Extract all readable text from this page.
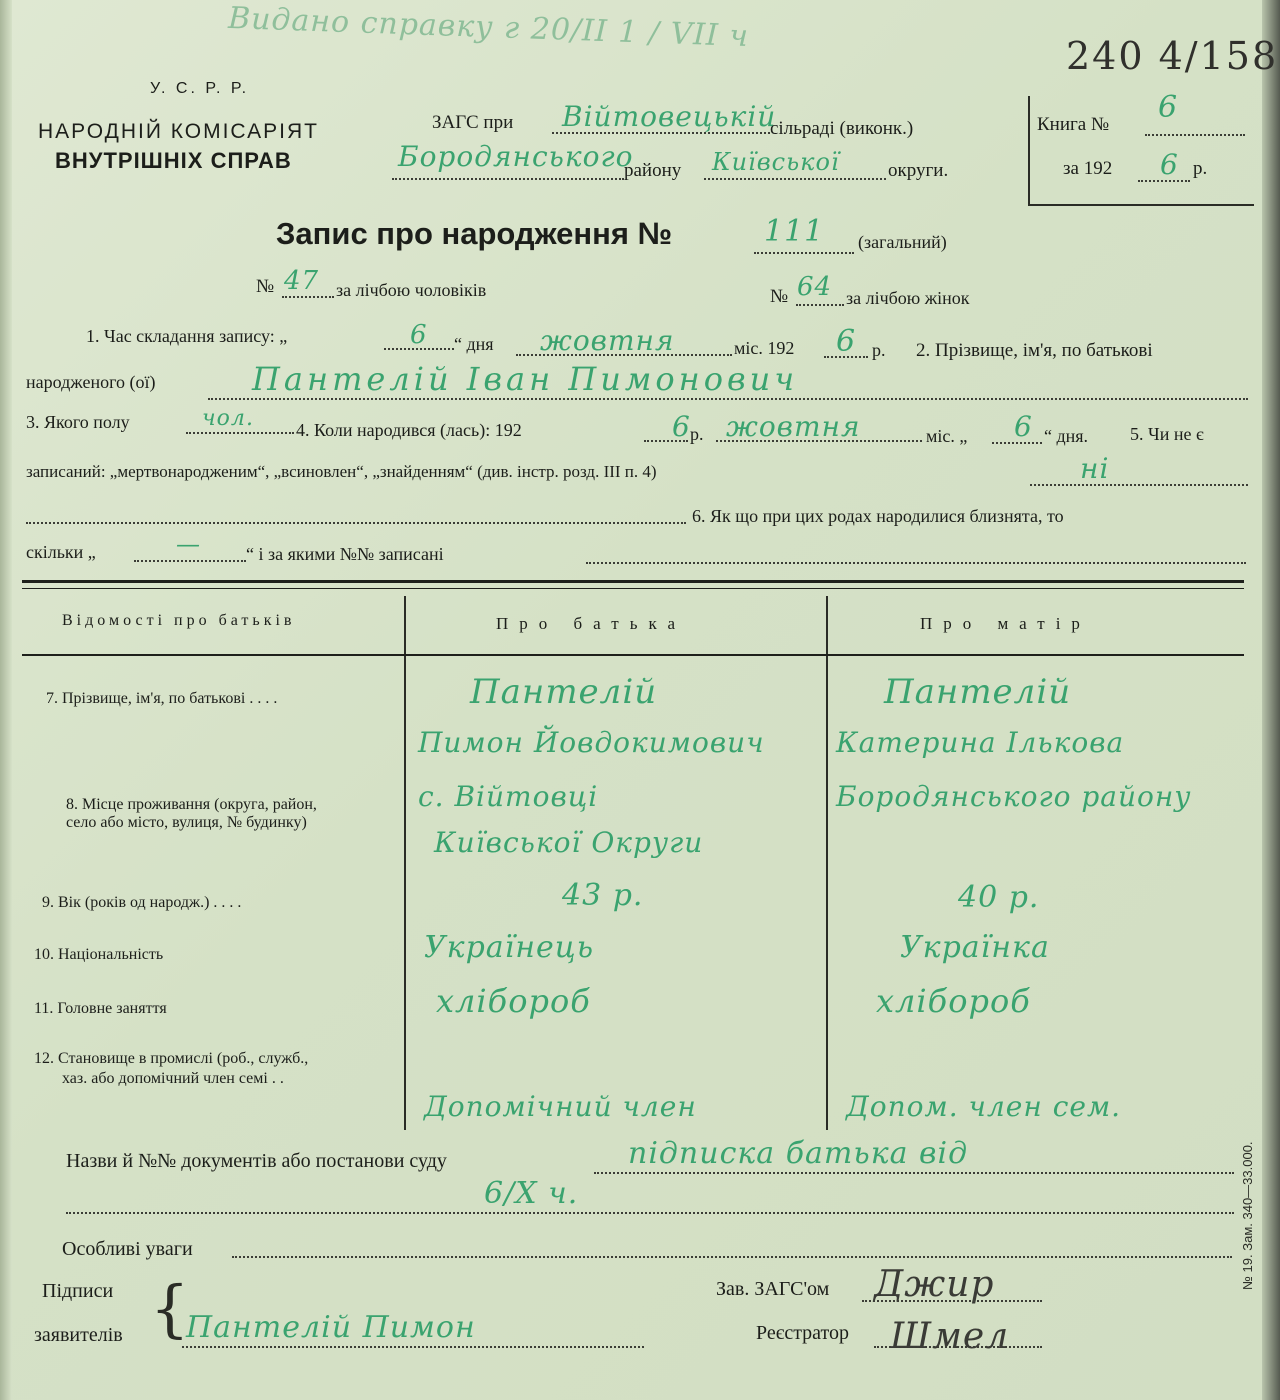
Видано справку г 20/ІІ 1 / VII ч
240 4/158
У. С. Р. Р.
НАРОДНІЙ КОМІСАРІЯТ
ВНУТРІШНІХ СПРАВ
ЗАГС при Війтовецькій
сільраді (виконк.)
Бородянського
району Київської	округи.
Книга № 6
за 192 6 р.
Запис про народження №	111 (загальний)
№ 47 за лічбою чоловіків	№ 64 за лічбою жінок
1. Час складання запису: „	6 “ дня жовтня	міс. 192 6 р. 2. Прізвище, ім'я, по батькові
народженого (ої)	Пантелій Іван Пимонович
3. Якого полу	чол. 4. Коли народився (лась): 192	6 р. жовтня	міс. „ 6 “ дня. 5. Чи не є
записаний: „мертвонародженим“, „всиновлен“, „знайденням“ (див. інстр. розд. III п. 4)	ні
6. Як що при цих родах народилися близнята, то
скільки „	—	“ і за якими №№ записані
Відомості про батьків	Про батька	Про матір
7. Прізвище, ім'я, по батькові . . . .	Пантелій	Пантелій
Пимон Йовдокимович	Катерина Ількова
8. Місце проживання (округа, район,
село або місто, вулиця, № будинку)
с. Війтовці	Бородянського району
Київської Округи
9. Вік (років од народж.) . . . .	43 р.	40 р.
10. Національність	Українець	Українка
11. Головне заняття	хлібороб	хлібороб
12. Становище в промислі (роб., служб.,
хаз. або допомічний член семі . .
Допомічний член	Допом. член сем.
Назви й №№ документів або постанови суду	підписка батька від
6/Х ч.
Особливі уваги
Підписи {
заявителів Пантелій Пимон
Зав. ЗАГС'ом Джир
Реєстратор Шмел
№ 19. Зам. 340—33.000.
